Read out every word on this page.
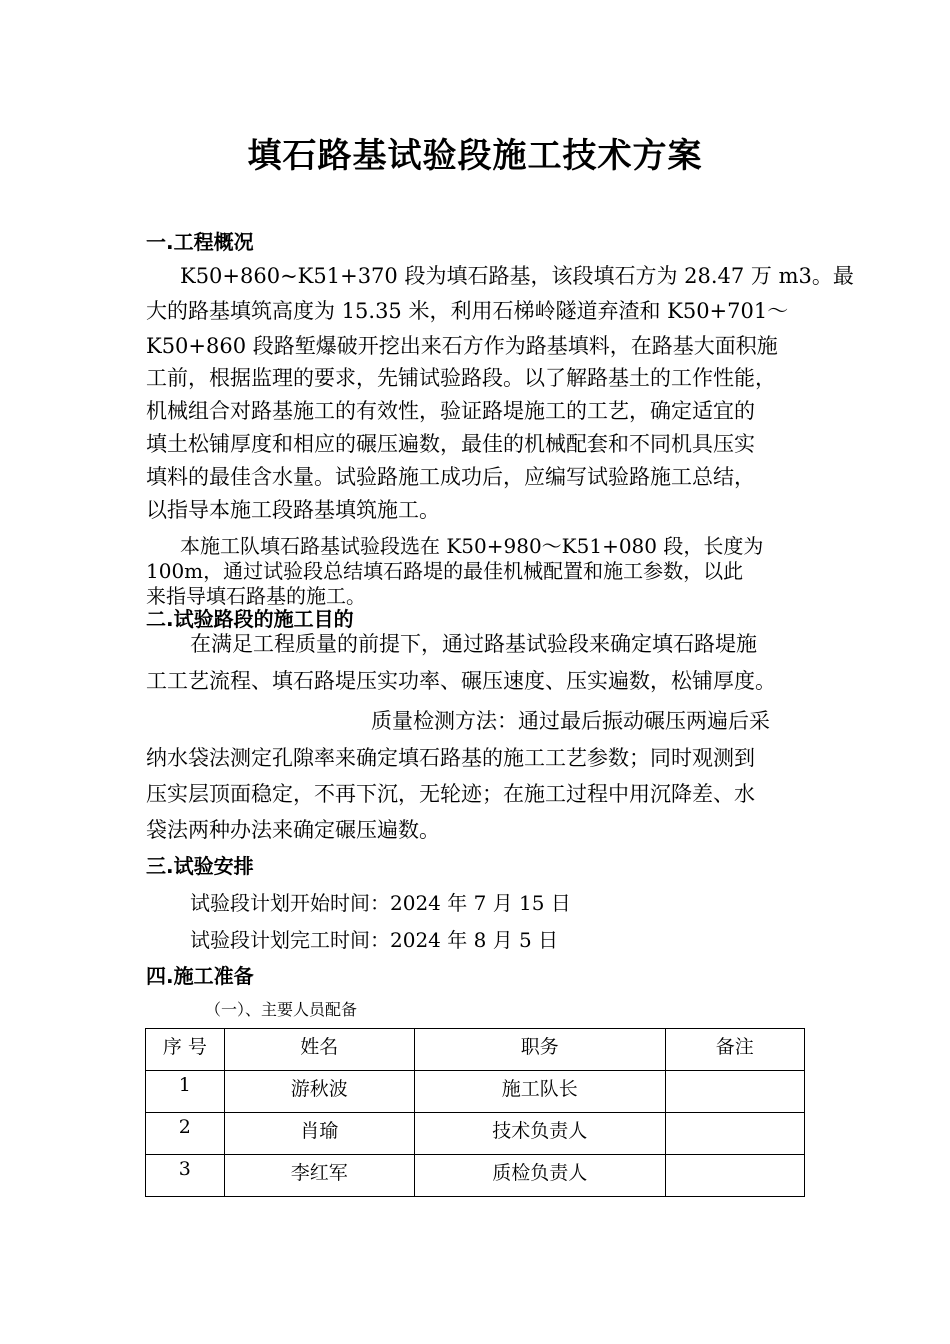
填石路基试验段施工技术方案
一.工程概况
K50+860~K51+370 段为填石路基，该段填石方为 28.47 万 m3。最
大的路基填筑高度为 15.35 米，利用石梯岭隧道弃渣和 K50+701～
K50+860 段路堑爆破开挖出来石方作为路基填料，在路基大面积施
工前，根据监理的要求，先铺试验路段。以了解路基土的工作性能，
机械组合对路基施工的有效性，验证路堤施工的工艺，确定适宜的
填土松铺厚度和相应的碾压遍数，最佳的机械配套和不同机具压实
填料的最佳含水量。试验路施工成功后，应编写试验路施工总结，
以指导本施工段路基填筑施工。
本施工队填石路基试验段选在 K50+980～K51+080 段，长度为
100m，通过试验段总结填石路堤的最佳机械配置和施工参数，以此
来指导填石路基的施工。
二.试验路段的施工目的
在满足工程质量的前提下，通过路基试验段来确定填石路堤施
工工艺流程、填石路堤压实功率、碾压速度、压实遍数，松铺厚度。
质量检测方法：通过最后振动碾压两遍后采
纳水袋法测定孔隙率来确定填石路基的施工工艺参数；同时观测到
压实层顶面稳定，不再下沉，无轮迹；在施工过程中用沉降差、水
袋法两种办法来确定碾压遍数。
三.试验安排
试验段计划开始时间：2024 年 7 月 15 日
试验段计划完工时间：2024 年 8 月 5 日
四.施工准备
（一）、主要人员配备
序 号	姓名	职务	备注
1	游秋波	施工队长	
2	肖瑜	技术负责人	
3	李红军	质检负责人	
